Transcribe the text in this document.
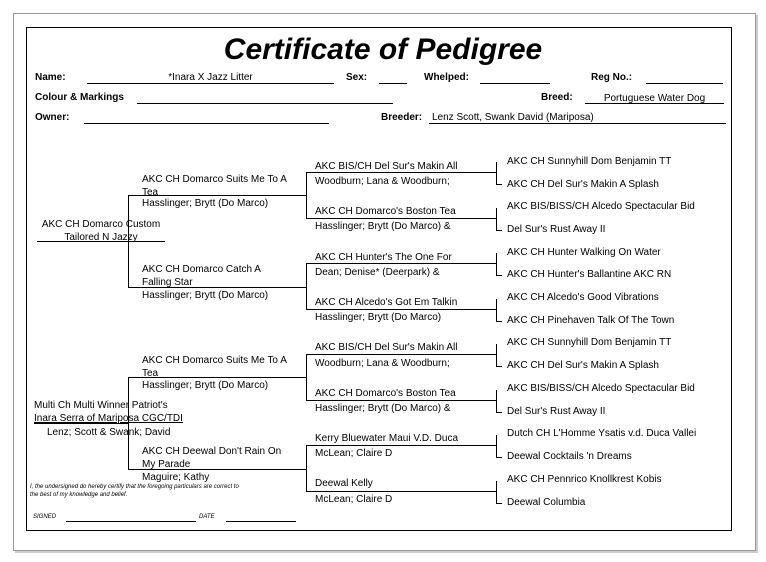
Certificate of Pedigree
Name:	*Inara X Jazz Litter	Sex:	Whelped:	Reg No.:
Colour & Markings	Breed:	Portuguese Water Dog
Owner:	Breeder: Lenz Scott, Swank David (Mariposa)
AKC CH Domarco Custom Tailored N Jazzy
Multi Ch Multi Winner Patriot's
Inara Serra of Mariposa CGC/TDI
Lenz; Scott & Swank; David
AKC CH Domarco Suits Me To A Tea
Hasslinger; Brytt (Do Marco)
AKC CH Domarco Catch A Falling Star
Hasslinger; Brytt (Do Marco)
AKC CH Domarco Suits Me To A Tea
Hasslinger; Brytt (Do Marco)
AKC CH Deewal Don't Rain On My Parade
Maguire; Kathy
AKC BIS/CH Del Sur's Makin All
Woodburn; Lana & Woodburn;
AKC CH Domarco's Boston Tea
Hasslinger; Brytt (Do Marco) &
AKC CH Hunter's The One For
Dean; Denise* (Deerpark) &
AKC CH Alcedo's Got Em Talkin
Hasslinger; Brytt (Do Marco)
AKC BIS/CH Del Sur's Makin All
Woodburn; Lana & Woodburn;
AKC CH Domarco's Boston Tea
Hasslinger; Brytt (Do Marco) &
Kerry Bluewater Maui V.D. Duca
McLean; Claire D
Deewal Kelly
McLean; Claire D
AKC CH Sunnyhill Dom Benjamin TT
AKC CH Del Sur's Makin A Splash
AKC BIS/BISS/CH Alcedo Spectacular Bid
Del Sur's Rust Away II
AKC CH Hunter Walking On Water
AKC CH Hunter's Ballantine AKC RN
AKC CH Alcedo's Good Vibrations
AKC CH Pinehaven Talk Of The Town
AKC CH Sunnyhill Dom Benjamin TT
AKC CH Del Sur's Makin A Splash
AKC BIS/BISS/CH Alcedo Spectacular Bid
Del Sur's Rust Away II
Dutch CH L'Homme Ysatis v.d. Duca Vallei
Deewal Cocktails 'n Dreams
AKC CH Pennrico Knollkrest Kobis
Deewal Columbia
I, the undersigned do hereby certify that the foregoing particulars are correct to the best of my knowledge and belief.
SIGNED	DATE
